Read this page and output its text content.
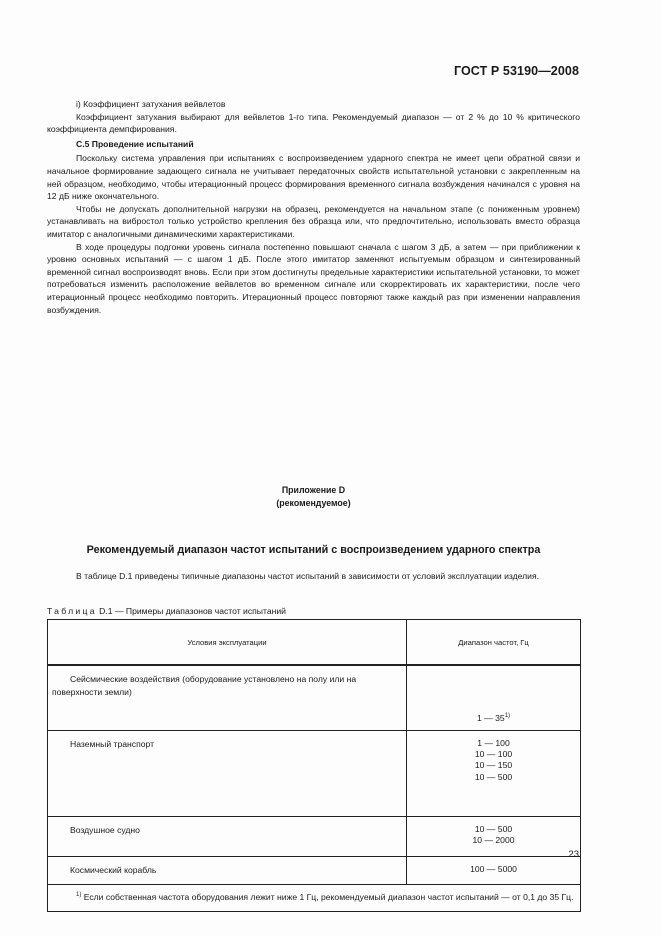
ГОСТ Р 53190—2008

i) Коэффициент затухания вейвлетов

Коэффициент затухания выбирают для вейвлетов 1-го типа. Рекомендуемый диапазон — от 2 % до 10 % критического коэффициента демпфирования.

С.5 Проведение испытаний

Поскольку система управления при испытаниях с воспроизведением ударного спектра не имеет цепи обратной связи и начальное формирование задающего сигнала не учитывает передаточных свойств испытательной установки с закрепленным на ней образцом, необходимо, чтобы итерационный процесс формирования временного сигнала возбуждения начинался с уровня на 12 дБ ниже окончательного.

Чтобы не допускать дополнительной нагрузки на образец, рекомендуется на начальном этапе (с пониженным уровнем) устанавливать на вибростол только устройство крепления без образца или, что предпочтительно, использовать вместо образца имитатор с аналогичными динамическими характеристиками.

В ходе процедуры подгонки уровень сигнала постепенно повышают сначала с шагом 3 дБ, а затем — при приближении к уровню основных испытаний — с шагом 1 дБ. После этого имитатор заменяют испытуемым образцом и синтезированный временной сигнал воспроизводят вновь. Если при этом достигнуты предельные характеристики испытательной установки, то может потребоваться изменить расположение вейвлетов во временном сигнале или скорректировать их характеристики, после чего итерационный процесс необходимо повторить. Итерационный процесс повторяют также каждый раз при изменении направления возбуждения.

Приложение D
(рекомендуемое)
Рекомендуемый диапазон частот испытаний с воспроизведением ударного спектра

В таблице D.1 приведены типичные диапазоны частот испытаний в зависимости от условий эксплуатации изделия.

Таблица D.1 — Примеры диапазонов частот испытаний
Условия эксплуатации	Диапазон частот, Гц
Сейсмические воздействия (оборудование установлено на полу или на поверхности земли)	1 — 35$^{1)}$
Наземный транспорт	1 — 100
10 — 100
10 — 150
10 — 500

Воздушное судно	10 — 500
10 — 2000

Космический корабль	100 — 5000

$^{1)}$ Если собственная частота оборудования лежит ниже 1 Гц, рекомендуемый диапазон частот испытаний — от 0,1 до 35 Гц.	
23
